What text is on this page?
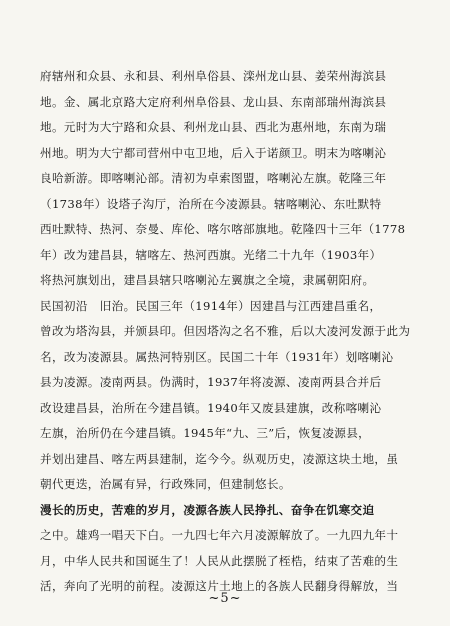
府辖州和众县、永和县、利州阜俗县、滦州龙山县、姜荣州海滨县
地。金、属北京路大定府利州阜俗县、龙山县、东南部瑞州海滨县
地。元时为大宁路和众县、利州龙山县、西北为惠州地，东南为瑞
州地。明为大宁都司营州中屯卫地，后入于诺颜卫。明末为喀喇沁
良哈新游。即喀喇沁部。清初为卓索图盟，喀喇沁左旗。乾隆三年
（1738年）设塔子沟厅，治所在今凌源县。辖喀喇沁、东吐默特
西吐默特、热河、奈曼、库伦、喀尔喀部旗地。乾隆四十三年（1778
年）改为建昌县，辖喀左、热河西旗。光绪二十九年（1903年）
将热河旗划出，建昌县辖只喀喇沁左翼旗之全境，隶属朝阳府。
民国初沿　旧治。民国三年（1914年）因建昌与江西建昌重名，
曾改为塔沟县，并颁县印。但因塔沟之名不雅，后以大凌河发源于此为
名，改为凌源县。属热河特别区。民国二十年（1931年）划喀喇沁
县为凌源。凌南两县。伪满时，1937年将凌源、凌南两县合并后
改设建昌县，治所在今建昌镇。1940年又废县建旗，改称喀喇沁
左旗，治所仍在今建昌镇。1945年“九、三”后，恢复凌源县，
并划出建昌、喀左两县建制，迄今今。纵观历史，凌源这块土地，虽
朝代更迭，治属有异，行政殊同，但建制悠长。
漫长的历史，苦难的岁月，凌源各族人民挣扎、奋争在饥寒交迫
之中。雄鸡一唱天下白。一九四七年六月凌源解放了。一九四九年十
月，中华人民共和国诞生了！人民从此摆脱了桎梏，结束了苦难的生
活，奔向了光明的前程。凌源这片土地上的各族人民翻身得解放，当
~5~
